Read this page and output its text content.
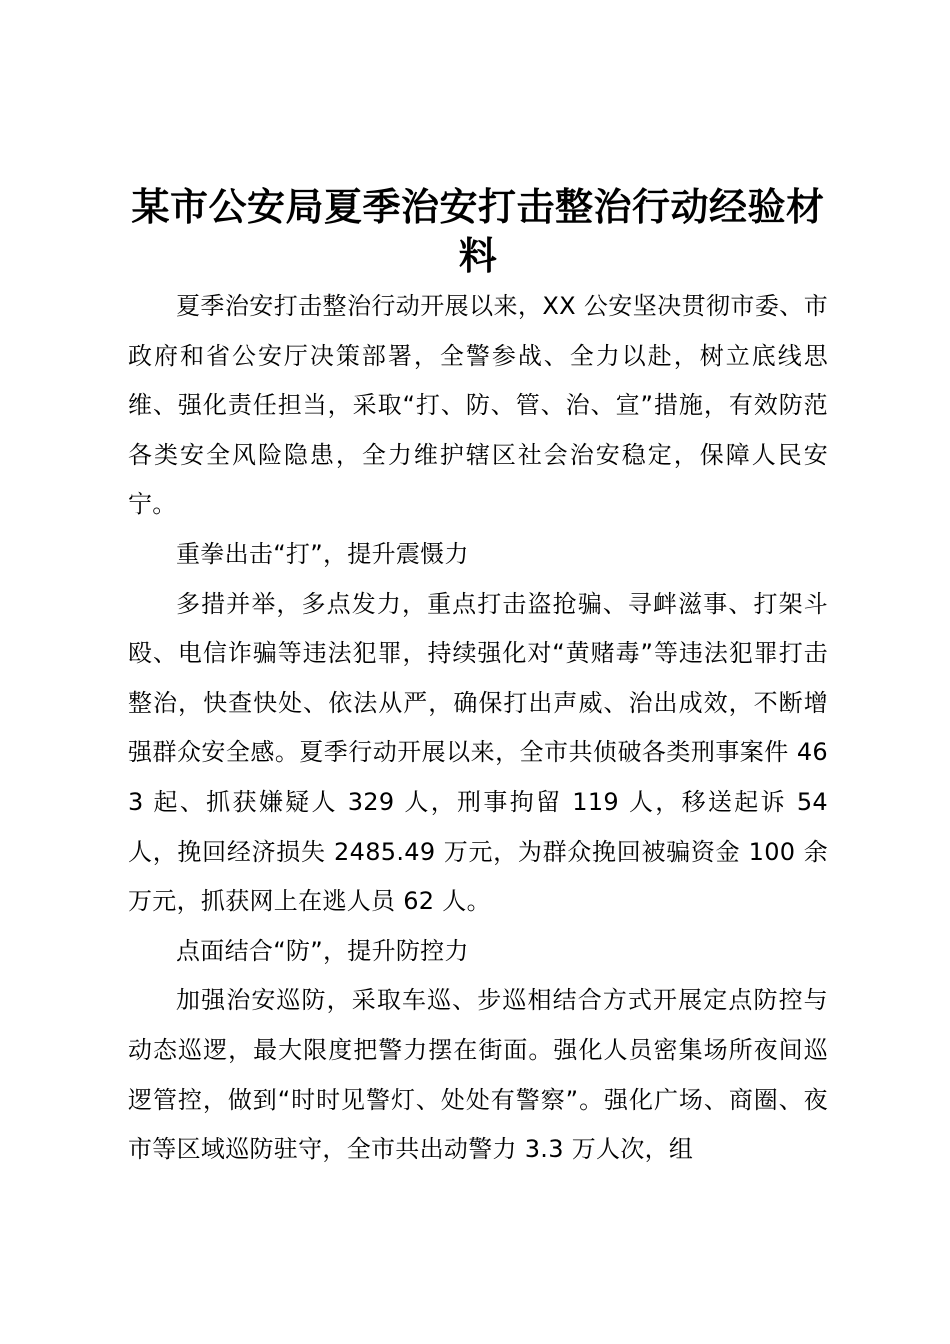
某市公安局夏季治安打击整治行动经验材料

夏季治安打击整治行动开展以来，XX 公安坚决贯彻市委、市政府和省公安厅决策部署，全警参战、全力以赴，树立底线思维、强化责任担当，采取“打、防、管、治、宣”措施，有效防范各类安全风险隐患，全力维护辖区社会治安稳定，保障人民安宁。

重拳出击“打”，提升震慑力

多措并举，多点发力，重点打击盗抢骗、寻衅滋事、打架斗殴、电信诈骗等违法犯罪，持续强化对“黄赌毒”等违法犯罪打击整治，快查快处、依法从严，确保打出声威、治出成效，不断增强群众安全感。夏季行动开展以来，全市共侦破各类刑事案件 463 起、抓获嫌疑人 329 人，刑事拘留 119 人，移送起诉 54 人，挽回经济损失 2485.49 万元，为群众挽回被骗资金 100 余万元，抓获网上在逃人员 62 人。

点面结合“防”，提升防控力

加强治安巡防，采取车巡、步巡相结合方式开展定点防控与动态巡逻，最大限度把警力摆在街面。强化人员密集场所夜间巡逻管控，做到“时时见警灯、处处有警察”。强化广场、商圈、夜市等区域巡防驻守，全市共出动警力 3.3 万人次，组
